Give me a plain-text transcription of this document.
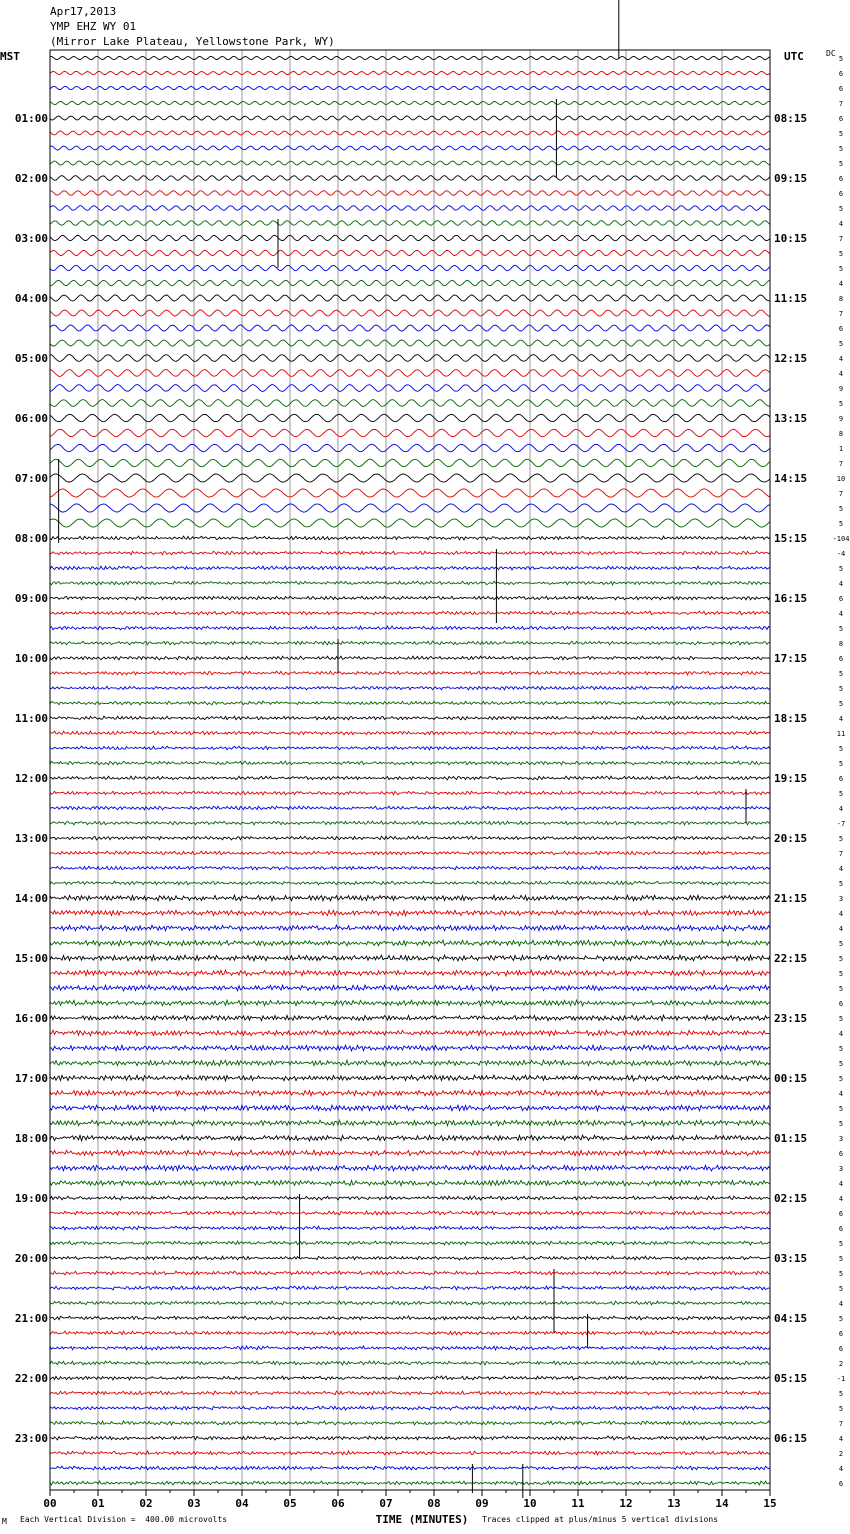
5
6
6
7
6
5
5
5
6
6
5
4
7
5
5
4
8
7
6
5
4
4
9
5
9
8
1
7
10
7
5
5
-104
-4
5
4
6
4
5
8
6
5
5
5
4
11
5
5
6
5
4
-7
5
7
4
5
3
4
4
5
5
5
5
6
5
4
5
5
5
4
5
5
3
6
3
4
4
6
6
5
5
5
5
4
5
6
6
2
-1
5
5
7
4
2
4
6
01:00
02:00
03:00
04:00
05:00
06:00
07:00
08:00
09:00
10:00
11:00
12:00
13:00
14:00
15:00
16:00
17:00
18:00
19:00
20:00
21:00
22:00
23:00
08:15
09:15
10:15
11:15
12:15
13:15
14:15
15:15
16:15
17:15
18:15
19:15
20:15
21:15
22:15
23:15
00:15
01:15
02:15
03:15
04:15
05:15
06:15
00	01	02	03	04	05	06	07	08	09	10	11	12	13	14	15
TIME (MINUTES)
Apr17,2013
YMP EHZ WY 01
(Mirror Lake Plateau, Yellowstone Park, WY)
MST	UTC	DC
M Each Vertical Division =  400.00 microvolts	Traces clipped at plus/minus 5 vertical divisions
